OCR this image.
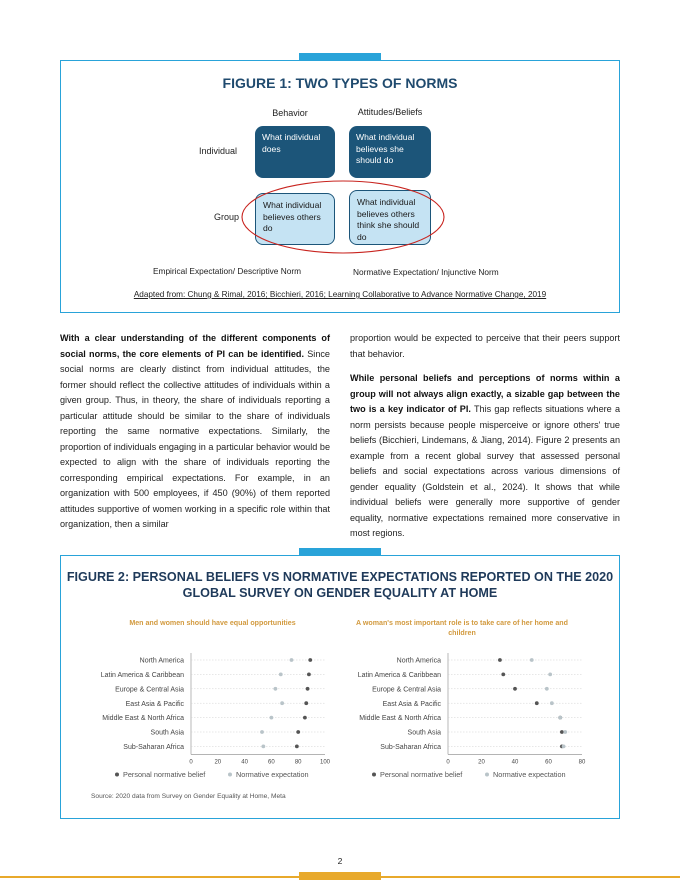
FIGURE 1: TWO TYPES OF NORMS
Behavior	Attitudes/Beliefs
Individual
Group
What individual does
What individual believes she should do
What individual believes others do
What individual believes others think she should do
Empirical Expectation/ Descriptive Norm	Normative Expectation/ Injunctive Norm
Adapted from: Chung & Rimal, 2016; Bicchieri, 2016; Learning Collaborative to Advance Normative Change, 2019
With a clear understanding of the different components of social norms, the core elements of PI can be identified. Since social norms are clearly distinct from individual attitudes, the former should reflect the collective attitudes of individuals within a given group. Thus, in theory, the share of individuals reporting a particular attitude should be similar to the share of individuals reporting the same normative expectations. Similarly, the proportion of individuals engaging in a particular behavior would be expected to align with the share of individuals reporting the corresponding empirical expectations. For example, in an organization with 500 employees, if 450 (90%) of them reported attitudes supportive of women working in a specific role within that organization, then a similar
proportion would be expected to perceive that their peers support that behavior.
While personal beliefs and perceptions of norms within a group will not always align exactly, a sizable gap between the two is a key indicator of PI. This gap reflects situations where a norm persists because people misperceive or ignore others' true beliefs (Bicchieri, Lindemans, & Jiang, 2014). Figure 2 presents an example from a recent global survey that assessed personal beliefs and social expectations across various dimensions of gender equality (Goldstein et al., 2024). It shows that while individual beliefs were generally more supportive of gender equality, normative expectations remained more conservative in most regions.
FIGURE 2: PERSONAL BELIEFS VS NORMATIVE EXPECTATIONS REPORTED ON THE 2020 GLOBAL SURVEY ON GENDER EQUALITY AT HOME
Men and women should have equal opportunities	A woman's most important role is to take care of her home and children
North America
Latin America & Caribbean
Europe & Central Asia
East Asia & Pacific
Middle East & North Africa
South Asia
Sub-Saharan Africa
0	20	40	60	80	100
Personal normative belief	Normative expectation
North America
Latin America & Caribbean
Europe & Central Asia
East Asia & Pacific
Middle East & North Africa
South Asia
Sub-Saharan Africa
0	20	40	60	80
Personal normative belief	Normative expectation
Source: 2020 data from Survey on Gender Equality at Home, Meta
2
